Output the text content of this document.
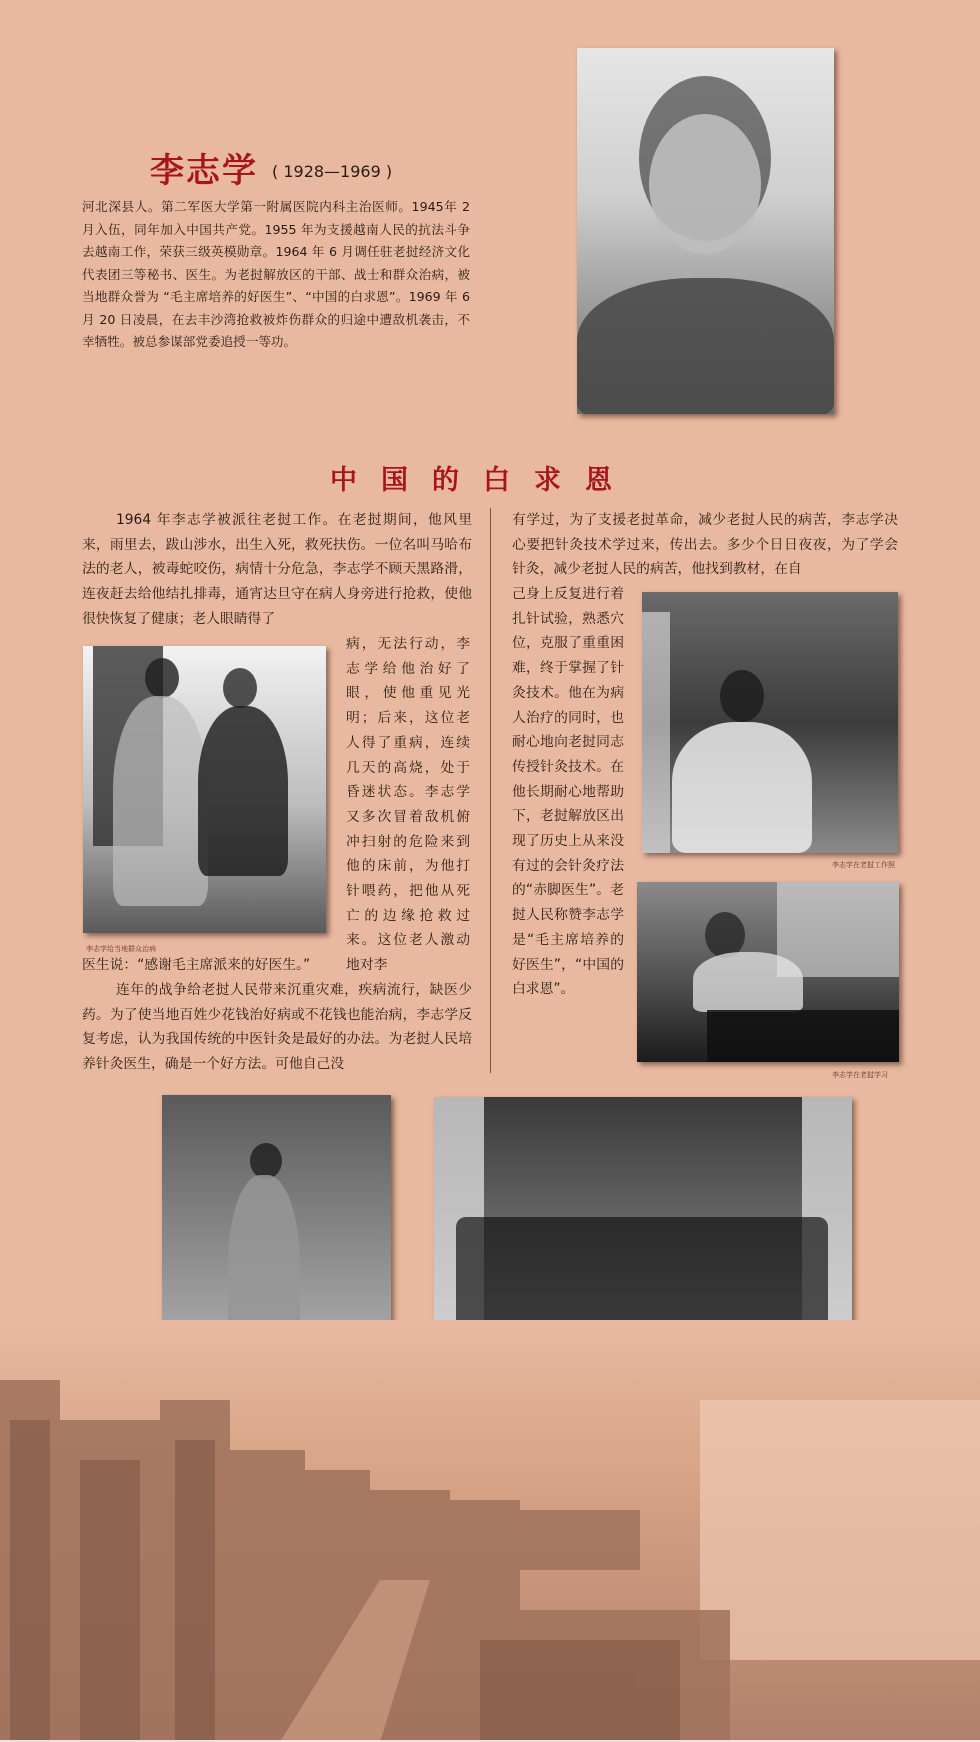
李志学 ( 1928—1969 )

河北深县人。第二军医大学第一附属医院内科主治医师。1945年 2 月入伍，同年加入中国共产党。1955 年为支援越南人民的抗法斗争去越南工作，荣获三级英模勋章。1964 年 6 月调任驻老挝经济文化代表团三等秘书、医生。为老挝解放区的干部、战士和群众治病，被当地群众誉为 “毛主席培养的好医生”、“中国的白求恩”。1969 年 6 月 20 日凌晨，在去丰沙湾抢救被炸伤群众的归途中遭敌机袭击，不幸牺牲。被总参谋部党委追授一等功。

中国的白求恩

1964 年李志学被派往老挝工作。在老挝期间，他风里来，雨里去，跋山涉水，出生入死，救死扶伤。一位名叫马哈布法的老人，被毒蛇咬伤，病情十分危急，李志学不顾天黑路滑，连夜赶去给他结扎排毒，通宵达旦守在病人身旁进行抢救，使他很快恢复了健康；老人眼睛得了

李志学给当地群众治病

病，无法行动，李志学给他治好了眼，使他重见光明；后来，这位老人得了重病，连续几天的高烧，处于昏迷状态。李志学又多次冒着敌机俯冲扫射的危险来到他的床前，为他打针喂药，把他从死亡的边缘抢救过来。这位老人激动地对李

医生说：“感谢毛主席派来的好医生。”

连年的战争给老挝人民带来沉重灾难，疾病流行，缺医少药。为了使当地百姓少花钱治好病或不花钱也能治病，李志学反复考虑，认为我国传统的中医针灸是最好的办法。为老挝人民培养针灸医生，确是一个好方法。可他自己没

有学过，为了支援老挝革命，减少老挝人民的病苦，李志学决心要把针灸技术学过来，传出去。多少个日日夜夜，为了学会针灸，减少老挝人民的病苦，他找到教材，在自

己身上反复进行着扎针试验，熟悉穴位，克服了重重困难，终于掌握了针灸技术。他在为病人治疗的同时，也耐心地向老挝同志传授针灸技术。在他长期耐心地帮助下，老挝解放区出现了历史上从来没有过的会针灸疗法的“赤脚医生”。老挝人民称赞李志学是“毛主席培养的好医生”，“中国的白求恩”。

李志学在老挝工作照
李志学在老挝学习
